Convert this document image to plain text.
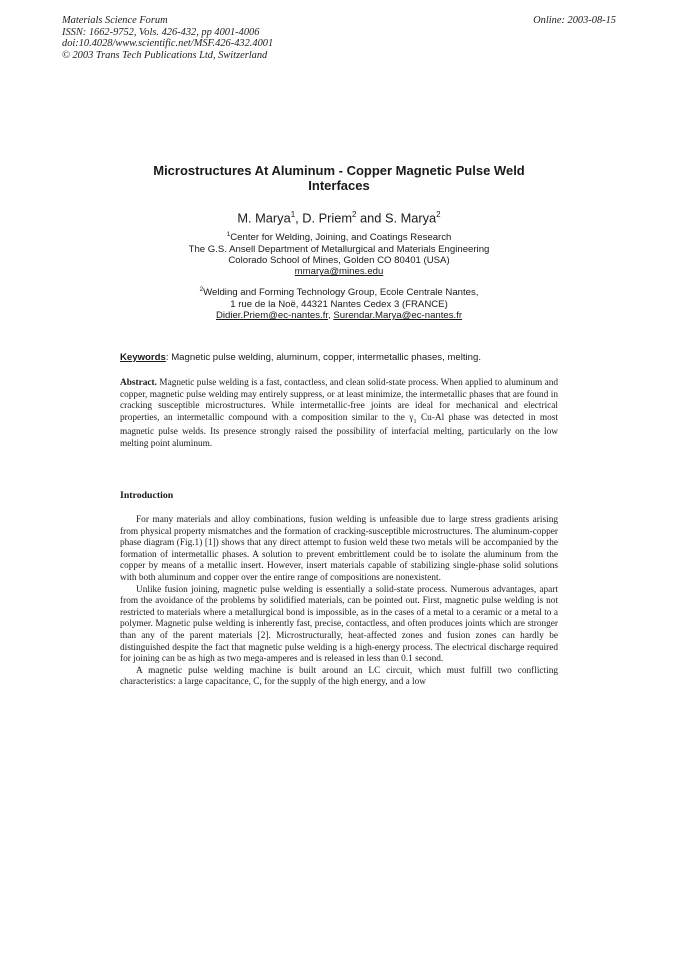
Materials Science Forum
ISSN: 1662-9752, Vols. 426-432, pp 4001-4006
doi:10.4028/www.scientific.net/MSF.426-432.4001
© 2003 Trans Tech Publications Ltd, Switzerland
Online: 2003-08-15
Microstructures At Aluminum - Copper Magnetic Pulse Weld
Interfaces
M. Marya$^1$, D. Priem$^2$ and S. Marya$^2$
$^1$Center for Welding, Joining, and Coatings Research
The G.S. Ansell Department of Metallurgical and Materials Engineering
Colorado School of Mines, Golden CO 80401 (USA)
mmarya@mines.edu
$^2$Welding and Forming Technology Group, Ecole Centrale Nantes,
1 rue de la Noë, 44321 Nantes Cedex 3 (FRANCE)
Didier.Priem@ec-nantes.fr, Surendar.Marya@ec-nantes.fr
Keywords: Magnetic pulse welding, aluminum, copper, intermetallic phases, melting.
Abstract. Magnetic pulse welding is a fast, contactless, and clean solid-state process. When applied to aluminum and copper, magnetic pulse welding may entirely suppress, or at least minimize, the intermetallic phases that are found in cracking susceptible microstructures. While intermetallic-free joints are ideal for mechanical and electrical properties, an intermetallic compound with a composition similar to the $\gamma_1$ Cu-Al phase was detected in most magnetic pulse welds. Its presence strongly raised the possibility of interfacial melting, particularly on the low melting point aluminum.
Introduction

For many materials and alloy combinations, fusion welding is unfeasible due to large stress gradients arising from physical property mismatches and the formation of cracking-susceptible microstructures. The aluminum-copper phase diagram (Fig.1) [1]) shows that any direct attempt to fusion weld these two metals will be accompanied by the formation of intermetallic phases. A solution to prevent embrittlement could be to isolate the aluminum from the copper by means of a metallic insert. However, insert materials capable of stabilizing single-phase solid solutions with both aluminum and copper over the entire range of compositions are nonexistent.

Unlike fusion joining, magnetic pulse welding is essentially a solid-state process. Numerous advantages, apart from the avoidance of the problems by solidified materials, can be pointed out. First, magnetic pulse welding is not restricted to materials where a metallurgical bond is impossible, as in the cases of a metal to a ceramic or a metal to a polymer. Magnetic pulse welding is inherently fast, precise, contactless, and often produces joints which are stronger than any of the parent materials [2]. Microstructurally, heat-affected zones and fusion zones can hardly be distinguished despite the fact that magnetic pulse welding is a high-energy process. The electrical discharge required for joining can be as high as two mega-amperes and is released in less than 0.1 second.

A magnetic pulse welding machine is built around an LC circuit, which must fulfill two conflicting characteristics: a large capacitance, C, for the supply of the high energy, and a low
